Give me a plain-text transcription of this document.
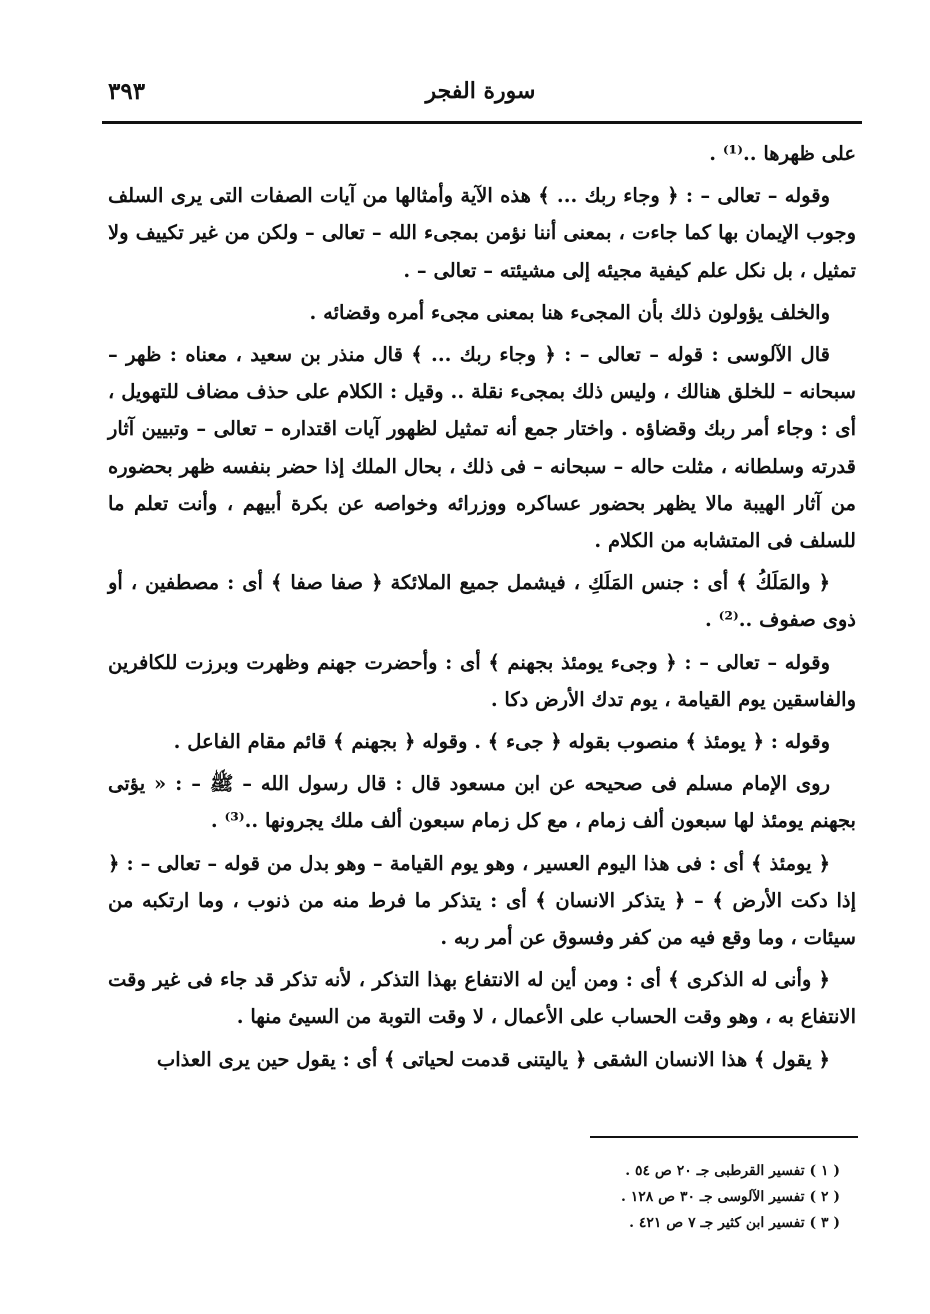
٣٩٣	سورة الفجر

على ظهرها ..⁽¹⁾ .

وقوله – تعالى – : ﴿ وجاء ربك ... ﴾ هذه الآية وأمثالها من آيات الصفات التى يرى السلف وجوب الإيمان بها كما جاءت ، بمعنى أننا نؤمن بمجىء الله – تعالى – ولكن من غير تكييف ولا تمثيل ، بل نكل علم كيفية مجيئه إلى مشيئته – تعالى – .

والخلف يؤولون ذلك بأن المجىء هنا بمعنى مجىء أمره وقضائه .

قال الآلوسى : قوله – تعالى – : ﴿ وجاء ربك ... ﴾ قال منذر بن سعيد ، معناه : ظهر – سبحانه – للخلق هنالك ، وليس ذلك بمجىء نقلة .. وقيل : الكلام على حذف مضاف للتهويل ، أى : وجاء أمر ربك وقضاؤه . واختار جمع أنه تمثيل لظهور آيات اقتداره – تعالى – وتبيين آثار قدرته وسلطانه ، مثلت حاله – سبحانه – فى ذلك ، بحال الملك إذا حضر بنفسه ظهر بحضوره من آثار الهيبة مالا يظهر بحضور عساكره ووزرائه وخواصه عن بكرة أبيهم ، وأنت تعلم ما للسلف فى المتشابه من الكلام .

﴿ والمَلَكُ ﴾ أى : جنس المَلَكِ ، فيشمل جميع الملائكة ﴿ صفا صفا ﴾ أى : مصطفين ، أو ذوى صفوف ..⁽²⁾ .

وقوله – تعالى – : ﴿ وجىء يومئذ بجهنم ﴾ أى : وأحضرت جهنم وظهرت وبرزت للكافرين والفاسقين يوم القيامة ، يوم تدك الأرض دكا .

وقوله : ﴿ يومئذ ﴾ منصوب بقوله ﴿ جىء ﴾ . وقوله ﴿ بجهنم ﴾ قائم مقام الفاعل .

روى الإمام مسلم فى صحيحه عن ابن مسعود قال : قال رسول الله – ﷺ – : « يؤتى بجهنم يومئذ لها سبعون ألف زمام ، مع كل زمام سبعون ألف ملك يجرونها ..⁽³⁾ .

﴿ يومئذ ﴾ أى : فى هذا اليوم العسير ، وهو يوم القيامة – وهو بدل من قوله – تعالى – : ﴿ إذا دكت الأرض ﴾ – ﴿ يتذكر الانسان ﴾ أى : يتذكر ما فرط منه من ذنوب ، وما ارتكبه من سيئات ، وما وقع فيه من كفر وفسوق عن أمر ربه .

﴿ وأنى له الذكرى ﴾ أى : ومن أين له الانتفاع بهذا التذكر ، لأنه تذكر قد جاء فى غير وقت الانتفاع به ، وهو وقت الحساب على الأعمال ، لا وقت التوبة من السيئ منها .

﴿ يقول ﴾ هذا الانسان الشقى ﴿ ياليتنى قدمت لحياتى ﴾ أى : يقول حين يرى العذاب

( ١ ) تفسير القرطبى جـ ٢٠ ص ٥٤ .

( ٢ ) تفسير الآلوسى جـ ٣٠ ص ١٢٨ .

( ٣ ) تفسير ابن كثير جـ ٧ ص ٤٢١ .
